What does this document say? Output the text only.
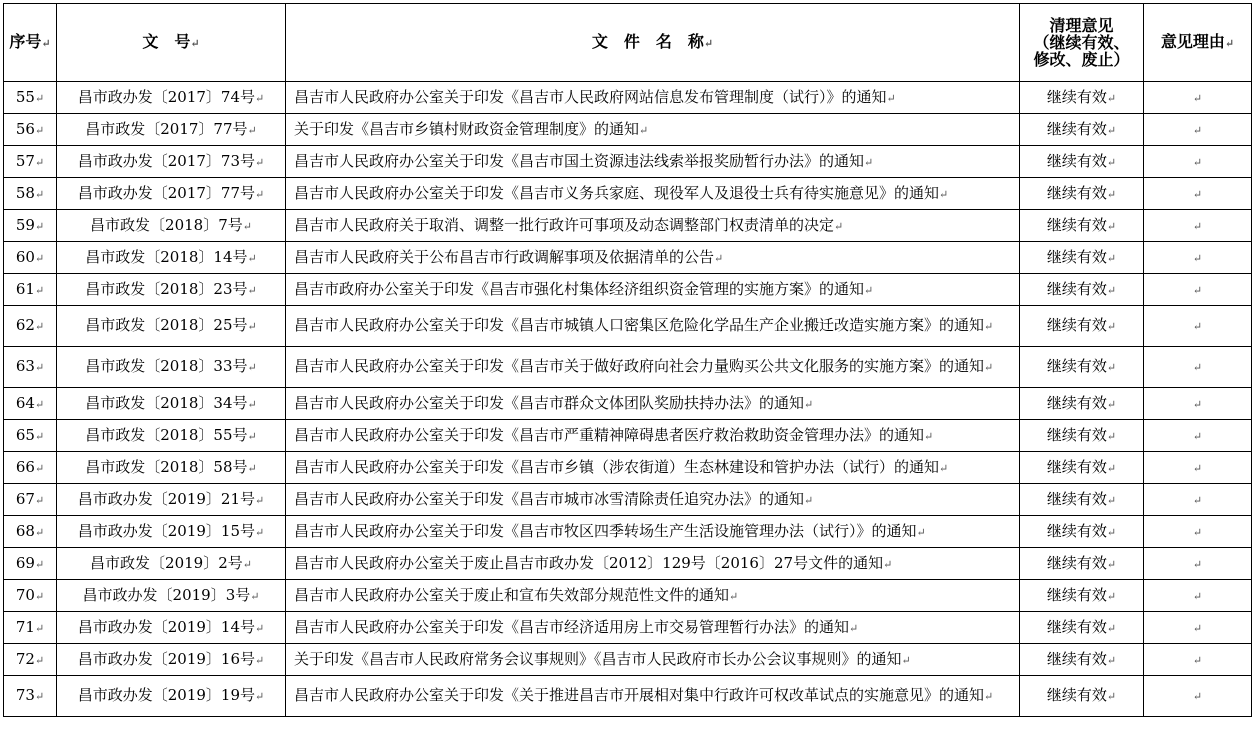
序号↵	文　号↵	文　件　名　称↵	清理意见
（继续有效、
修改、废止）	意见理由↵
55↵	昌市政办发〔2017〕74号↵	昌吉市人民政府办公室关于印发《昌吉市人民政府网站信息发布管理制度（试行）》的通知↵	继续有效↵	↵
56↵	昌市政发〔2017〕77号↵	关于印发《昌吉市乡镇村财政资金管理制度》的通知↵	继续有效↵	↵
57↵	昌市政办发〔2017〕73号↵	昌吉市人民政府办公室关于印发《昌吉市国土资源违法线索举报奖励暂行办法》的通知↵	继续有效↵	↵
58↵	昌市政办发〔2017〕77号↵	昌吉市人民政府办公室关于印发《昌吉市义务兵家庭、现役军人及退役士兵有待实施意见》的通知↵	继续有效↵	↵
59↵	昌市政发〔2018〕7号↵	昌吉市人民政府关于取消、调整一批行政许可事项及动态调整部门权责清单的决定↵	继续有效↵	↵
60↵	昌市政发〔2018〕14号↵	昌吉市人民政府关于公布昌吉市行政调解事项及依据清单的公告↵	继续有效↵	↵
61↵	昌市政发〔2018〕23号↵	昌吉市政府办公室关于印发《昌吉市强化村集体经济组织资金管理的实施方案》的通知↵	继续有效↵	↵
62↵	昌市政发〔2018〕25号↵	昌吉市人民政府办公室关于印发《昌吉市城镇人口密集区危险化学品生产企业搬迁改造实施方案》的通知↵	继续有效↵	↵
63↵	昌市政发〔2018〕33号↵	昌吉市人民政府办公室关于印发《昌吉市关于做好政府向社会力量购买公共文化服务的实施方案》的通知↵	继续有效↵	↵
64↵	昌市政发〔2018〕34号↵	昌吉市人民政府办公室关于印发《昌吉市群众文体团队奖励扶持办法》的通知↵	继续有效↵	↵
65↵	昌市政发〔2018〕55号↵	昌吉市人民政府办公室关于印发《昌吉市严重精神障碍患者医疗救治救助资金管理办法》的通知↵	继续有效↵	↵
66↵	昌市政发〔2018〕58号↵	昌吉市人民政府办公室关于印发《昌吉市乡镇（涉农街道）生态林建设和管护办法（试行）的通知↵	继续有效↵	↵
67↵	昌市政办发〔2019〕21号↵	昌吉市人民政府办公室关于印发《昌吉市城市冰雪清除责任追究办法》的通知↵	继续有效↵	↵
68↵	昌市政办发〔2019〕15号↵	昌吉市人民政府办公室关于印发《昌吉市牧区四季转场生产生活设施管理办法（试行）》的通知↵	继续有效↵	↵
69↵	昌市政发〔2019〕2号↵	昌吉市人民政府办公室关于废止昌吉市政办发〔2012〕129号〔2016〕27号文件的通知↵	继续有效↵	↵
70↵	昌市政办发〔2019〕3号↵	昌吉市人民政府办公室关于废止和宣布失效部分规范性文件的通知↵	继续有效↵	↵
71↵	昌市政办发〔2019〕14号↵	昌吉市人民政府办公室关于印发《昌吉市经济适用房上市交易管理暂行办法》的通知↵	继续有效↵	↵
72↵	昌市政办发〔2019〕16号↵	关于印发《昌吉市人民政府常务会议事规则》《昌吉市人民政府市长办公会议事规则》的通知↵	继续有效↵	↵
73↵	昌市政办发〔2019〕19号↵	昌吉市人民政府办公室关于印发《关于推进昌吉市开展相对集中行政许可权改革试点的实施意见》的通知↵	继续有效↵	↵
